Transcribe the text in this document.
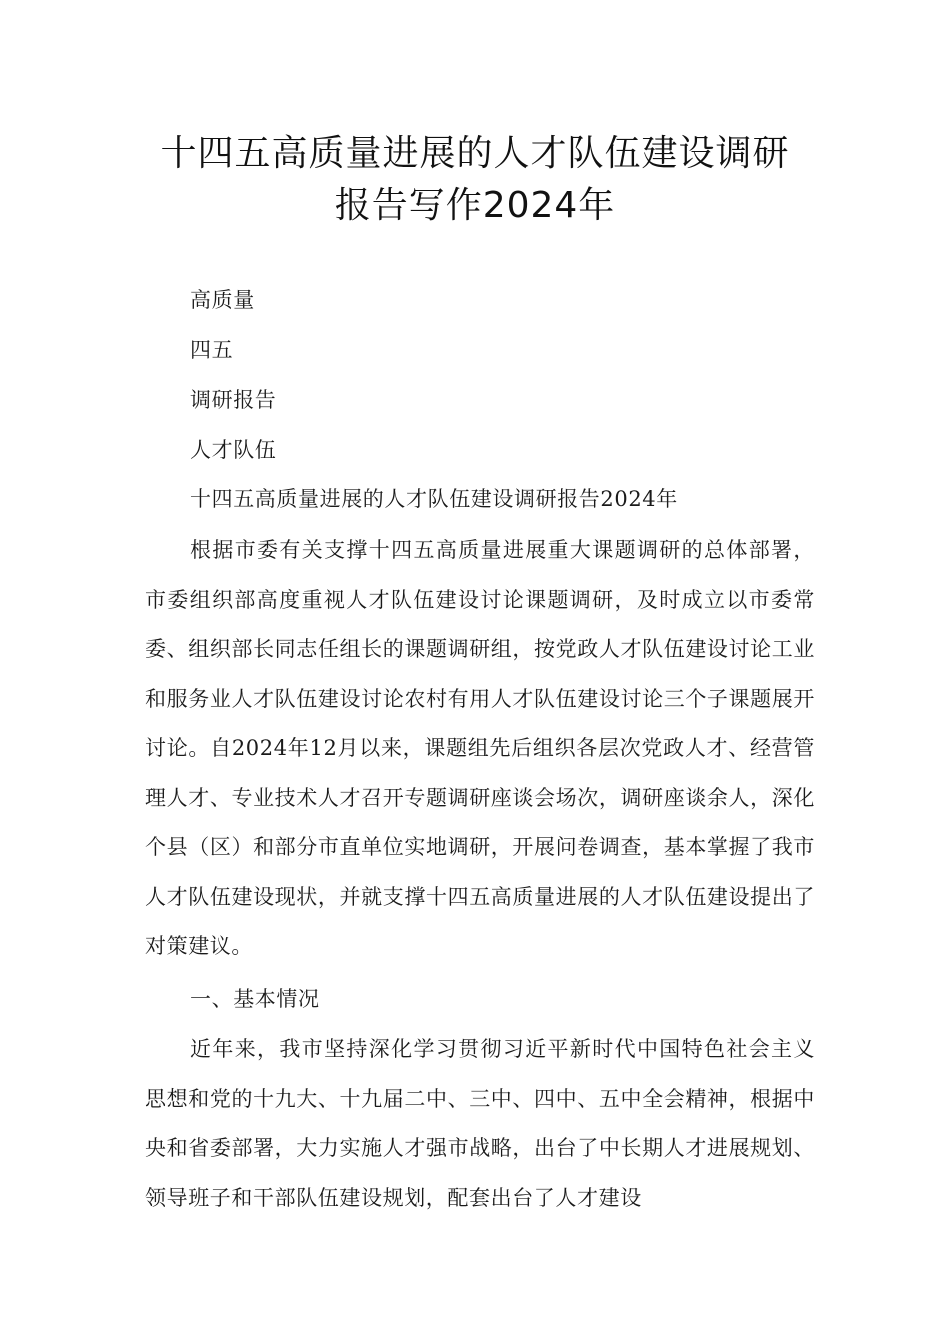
十四五高质量进展的人才队伍建设调研
报告写作2024年
高质量
四五
调研报告
人才队伍
十四五高质量进展的人才队伍建设调研报告2024年

根据市委有关支撑十四五高质量进展重大课题调研的总体部署，市委组织部高度重视人才队伍建设讨论课题调研，及时成立以市委常委、组织部长同志任组长的课题调研组，按党政人才队伍建设讨论工业和服务业人才队伍建设讨论农村有用人才队伍建设讨论三个子课题展开讨论。自2024年12月以来，课题组先后组织各层次党政人才、经营管理人才、专业技术人才召开专题调研座谈会场次，调研座谈余人，深化个县（区）和部分市直单位实地调研，开展问卷调查，基本掌握了我市人才队伍建设现状，并就支撑十四五高质量进展的人才队伍建设提出了对策建议。

一、基本情况

近年来，我市坚持深化学习贯彻习近平新时代中国特色社会主义思想和党的十九大、十九届二中、三中、四中、五中全会精神，根据中央和省委部署，大力实施人才强市战略，出台了中长期人才进展规划、领导班子和干部队伍建设规划，配套出台了人才建设
